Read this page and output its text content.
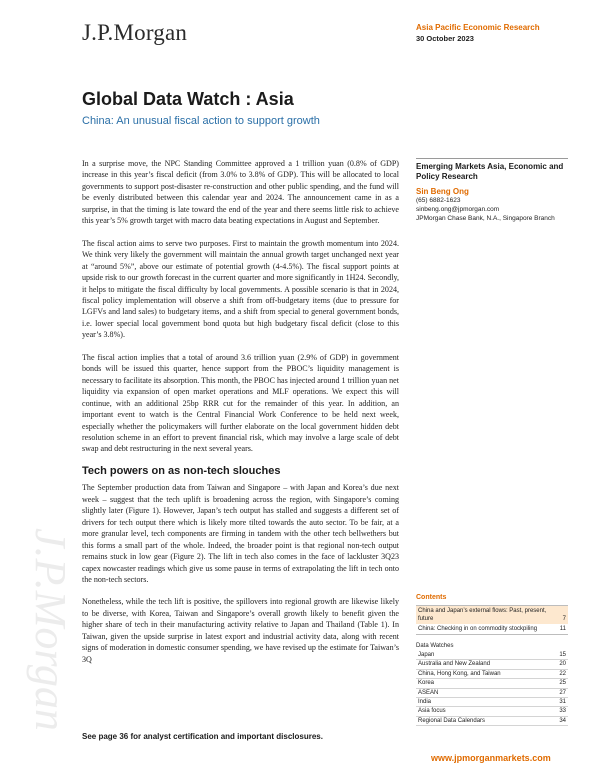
J.P.Morgan	Asia Pacific Economic Research
30 October 2023
Global Data Watch : Asia
China: An unusual fiscal action to support growth
J.P.Morgan

In a surprise move, the NPC Standing Committee approved a 1 trillion yuan (0.8% of GDP) increase in this year’s fiscal deficit (from 3.0% to 3.8% of GDP). This will be allocated to local governments to support post-disaster re-construction and other public spending, and the fund will be evenly distributed between this calendar year and 2024. The announcement came in as a surprise, in that the timing is late toward the end of the year and there seems little risk to achieve this year’s 5% growth target with macro data beating expectations in August and September.

The fiscal action aims to serve two purposes. First to maintain the growth momentum into 2024. We think very likely the government will maintain the annual growth target unchanged next year at “around 5%”, above our estimate of potential growth (4-4.5%). The fiscal support points at upside risk to our growth forecast in the current quarter and more significantly in 1H24. Secondly, it helps to mitigate the fiscal difficulty by local governments. A possible scenario is that in 2024, fiscal policy implementation will observe a shift from off-budgetary items (due to pressure for LGFVs and land sales) to budgetary items, and a shift from special to general government bonds, i.e. lower special local government bond quota but high budgetary fiscal deficit (close to this year’s 3.8%).

The fiscal action implies that a total of around 3.6 trillion yuan (2.9% of GDP) in government bonds will be issued this quarter, hence support from the PBOC’s liquidity management is necessary to facilitate its absorption. This month, the PBOC has injected around 1 trillion yuan net liquidity via expansion of open market operations and MLF operations. We expect this will continue, with an additional 25bp RRR cut for the remainder of this year. In addition, an important event to watch is the Central Financial Work Conference to be held next week, especially whether the policymakers will further elaborate on the local government hidden debt resolution scheme in an effort to prevent financial risk, which may involve a large scale of debt swap and debt restructuring in the next several years.

Tech powers on as non-tech slouches

The September production data from Taiwan and Singapore – with Japan and Korea’s due next week – suggest that the tech uplift is broadening across the region, with Singapore’s coming slightly later (Figure 1). However, Japan’s tech output has stalled and suggests a different set of drivers for tech output there which is likely more tilted towards the auto sector. To be fair, at a more granular level, tech components are firming in tandem with the other tech bellwethers but this forms a small part of the whole. Indeed, the broader point is that regional non-tech output remains stuck in low gear (Figure 2). The lift in tech also comes in the face of lackluster 3Q23 capex nowcaster readings which give us some pause in terms of extrapolating the lift in tech onto the non-tech sectors.

Nonetheless, while the tech lift is positive, the spillovers into regional growth are likewise likely to be diverse, with Korea, Taiwan and Singapore’s overall growth likely to benefit given the higher share of tech in their manufacturing activity relative to Japan and Thailand (Table 1). In Taiwan, given the upside surprise in latest export and industrial activity data, along with recent signs of moderation in domestic consumer spending, we have revised up the estimate for Taiwan’s 3Q

See page 36 for analyst certification and important disclosures.
Emerging Markets Asia, Economic and Policy Research
Sin Beng Ong
(65) 6882-1623
sinbeng.ong@jpmorgan.com
JPMorgan Chase Bank, N.A., Singapore Branch
Contents
China and Japan’s external flows: Past, present, future	7
China: Checking in on commodity stockpiling	11
Data Watches
Japan	15
Australia and New Zealand	20
China, Hong Kong, and Taiwan	22
Korea	25
ASEAN	27
India	31
Asia focus	33
Regional Data Calendars	34
www.jpmorganmarkets.com
